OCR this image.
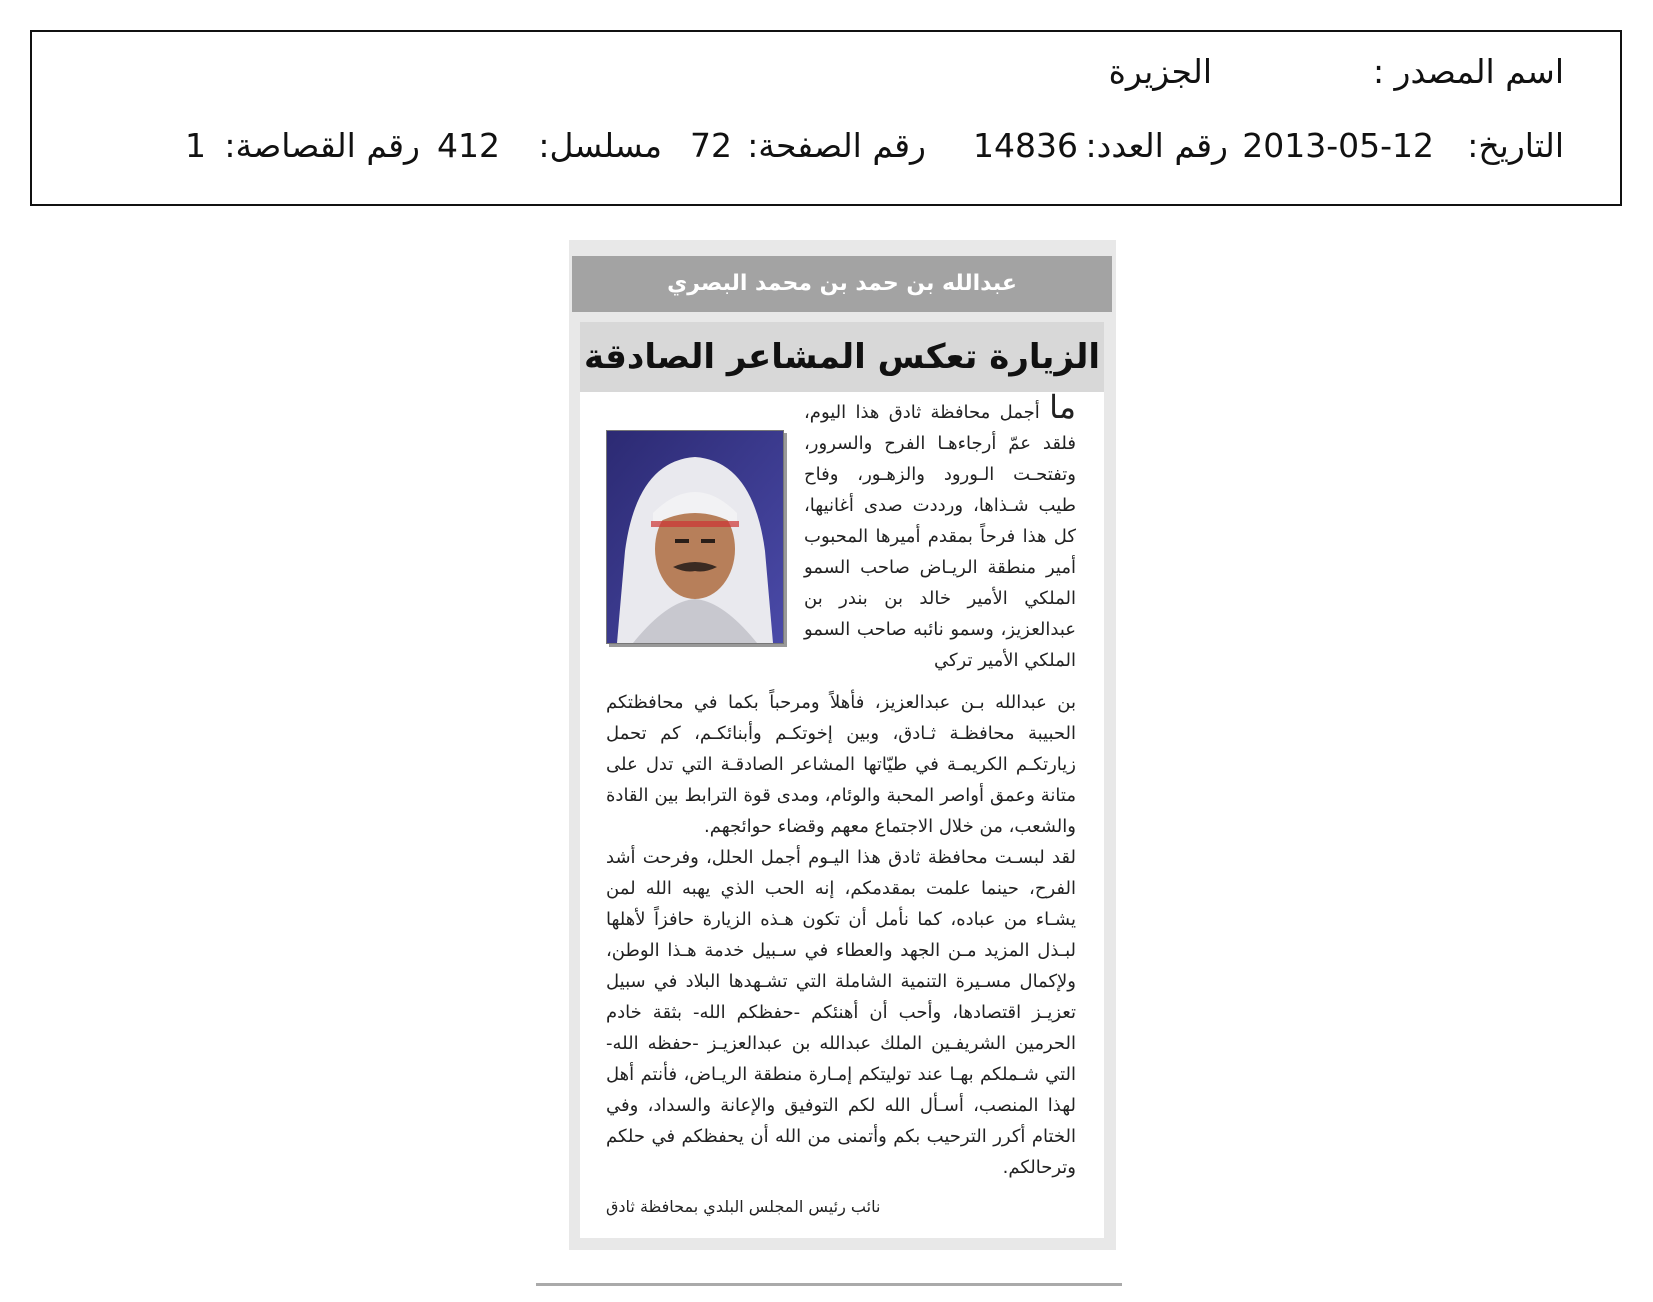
اسم المصدر :
الجزيرة
التاريخ:
2013-05-12
رقم العدد:
14836
رقم الصفحة:
72
مسلسل:
412
رقم القصاصة:
1
عبدالله بن حمد بن محمد البصري
الزيارة تعكس المشاعر الصادقة
ما أجمل محافظة ثادق هذا اليوم، فلقد عمّ أرجاءهـا الفرح والسرور، وتفتحـت الـورود والزهـور، وفاح طيب شـذاها، ورددت صدى أغانيها، كل هذا فرحاً بمقدم أميرها المحبوب أمير منطقة الريـاض صاحب السمو الملكي الأمير خالد بن بندر بن عبدالعزيز، وسمو نائبه صاحب السمو الملكي الأمير تركي
بن عبدالله بـن عبدالعزيز، فأهلاً ومرحباً بكما في محافظتكم الحبيبة محافظـة ثـادق، وبين إخوتكـم وأبنائكـم، كم تحمل زيارتكـم الكريمـة في طيّاتها المشاعر الصادقـة التي تدل على متانة وعمق أواصر المحبة والوئام، ومدى قوة الترابط بين القادة والشعب، من خلال الاجتماع معهم وقضاء حوائجهم.
لقد لبسـت محافظة ثادق هذا اليـوم أجمل الحلل، وفرحت أشد الفرح، حينما علمت بمقدمكم، إنه الحب الذي يهبه الله لمن يشـاء من عباده، كما نأمل أن تكون هـذه الزيارة حافزاً لأهلها لبـذل المزيد مـن الجهد والعطاء في سـبيل خدمة هـذا الوطن، ولإكمال مسـيرة التنمية الشاملة التي تشـهدها البلاد في سبيل تعزيـز اقتصادها، وأحب أن أهنئكم -حفظكم الله- بثقة خادم الحرمين الشريفـين الملك عبدالله بن عبدالعزيـز -حفظه الله- التي شـملكم بهـا عند توليتكم إمـارة منطقة الريـاض، فأنتم أهل لهذا المنصب، أسـأل الله لكم التوفيق والإعانة والسداد، وفي الختام أكرر الترحيب بكم وأتمنى من الله أن يحفظكم في حلكم وترحالكم.
نائب رئيس المجلس البلدي بمحافظة ثادق
